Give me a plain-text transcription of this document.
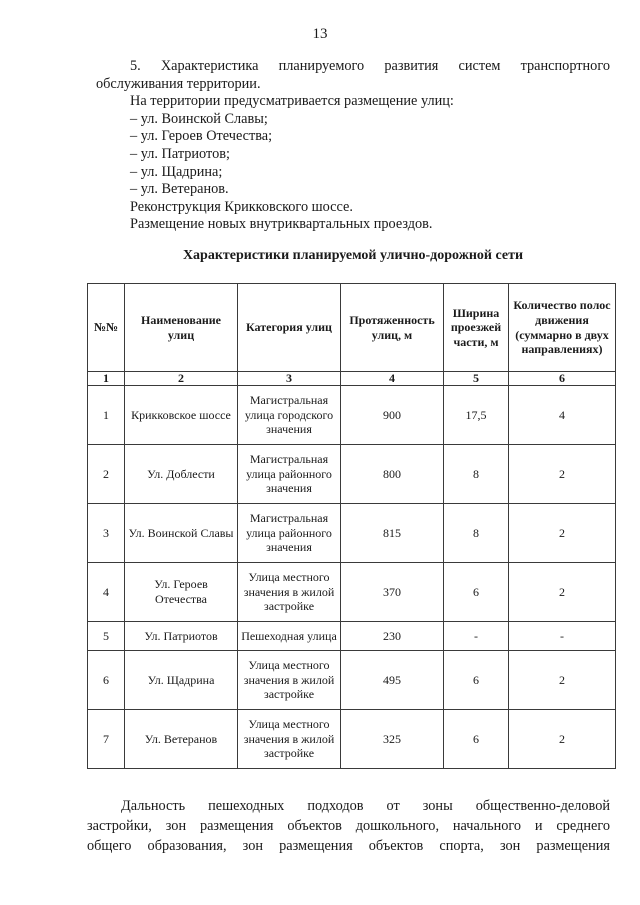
13

5. Характеристика планируемого развития систем транспортного

обслуживания территории.

На территории предусматривается размещение улиц:

– ул. Воинской Славы;

– ул. Героев Отечества;

– ул. Патриотов;

– ул. Щадрина;

– ул. Ветеранов.

Реконструкция Крикковского шоссе.

Размещение новых внутриквартальных проездов.

Характеристики планируемой улично-дорожной сети
№№	Наименование улиц	Категория улиц	Протяженность улиц, м	Ширина проезжей части, м	Количество полос движения (суммарно в двух направлениях)
1	2	3	4	5	6
1	Крикковское шоссе	Магистральная улица городского значения	900	17,5	4
2	Ул. Доблести	Магистральная улица районного значения	800	8	2
3	Ул. Воинской Славы	Магистральная улица районного значения	815	8	2
4	Ул. Героев Отечества	Улица местного значения в жилой застройке	370	6	2
5	Ул. Патриотов	Пешеходная улица	230	-	-
6	Ул. Щадрина	Улица местного значения в жилой застройке	495	6	2
7	Ул. Ветеранов	Улица местного значения в жилой застройке	325	6	2

Дальность пешеходных подходов от зоны общественно-деловой

застройки, зон размещения объектов дошкольного, начального и среднего

общего образования, зон размещения объектов спорта, зон размещения
